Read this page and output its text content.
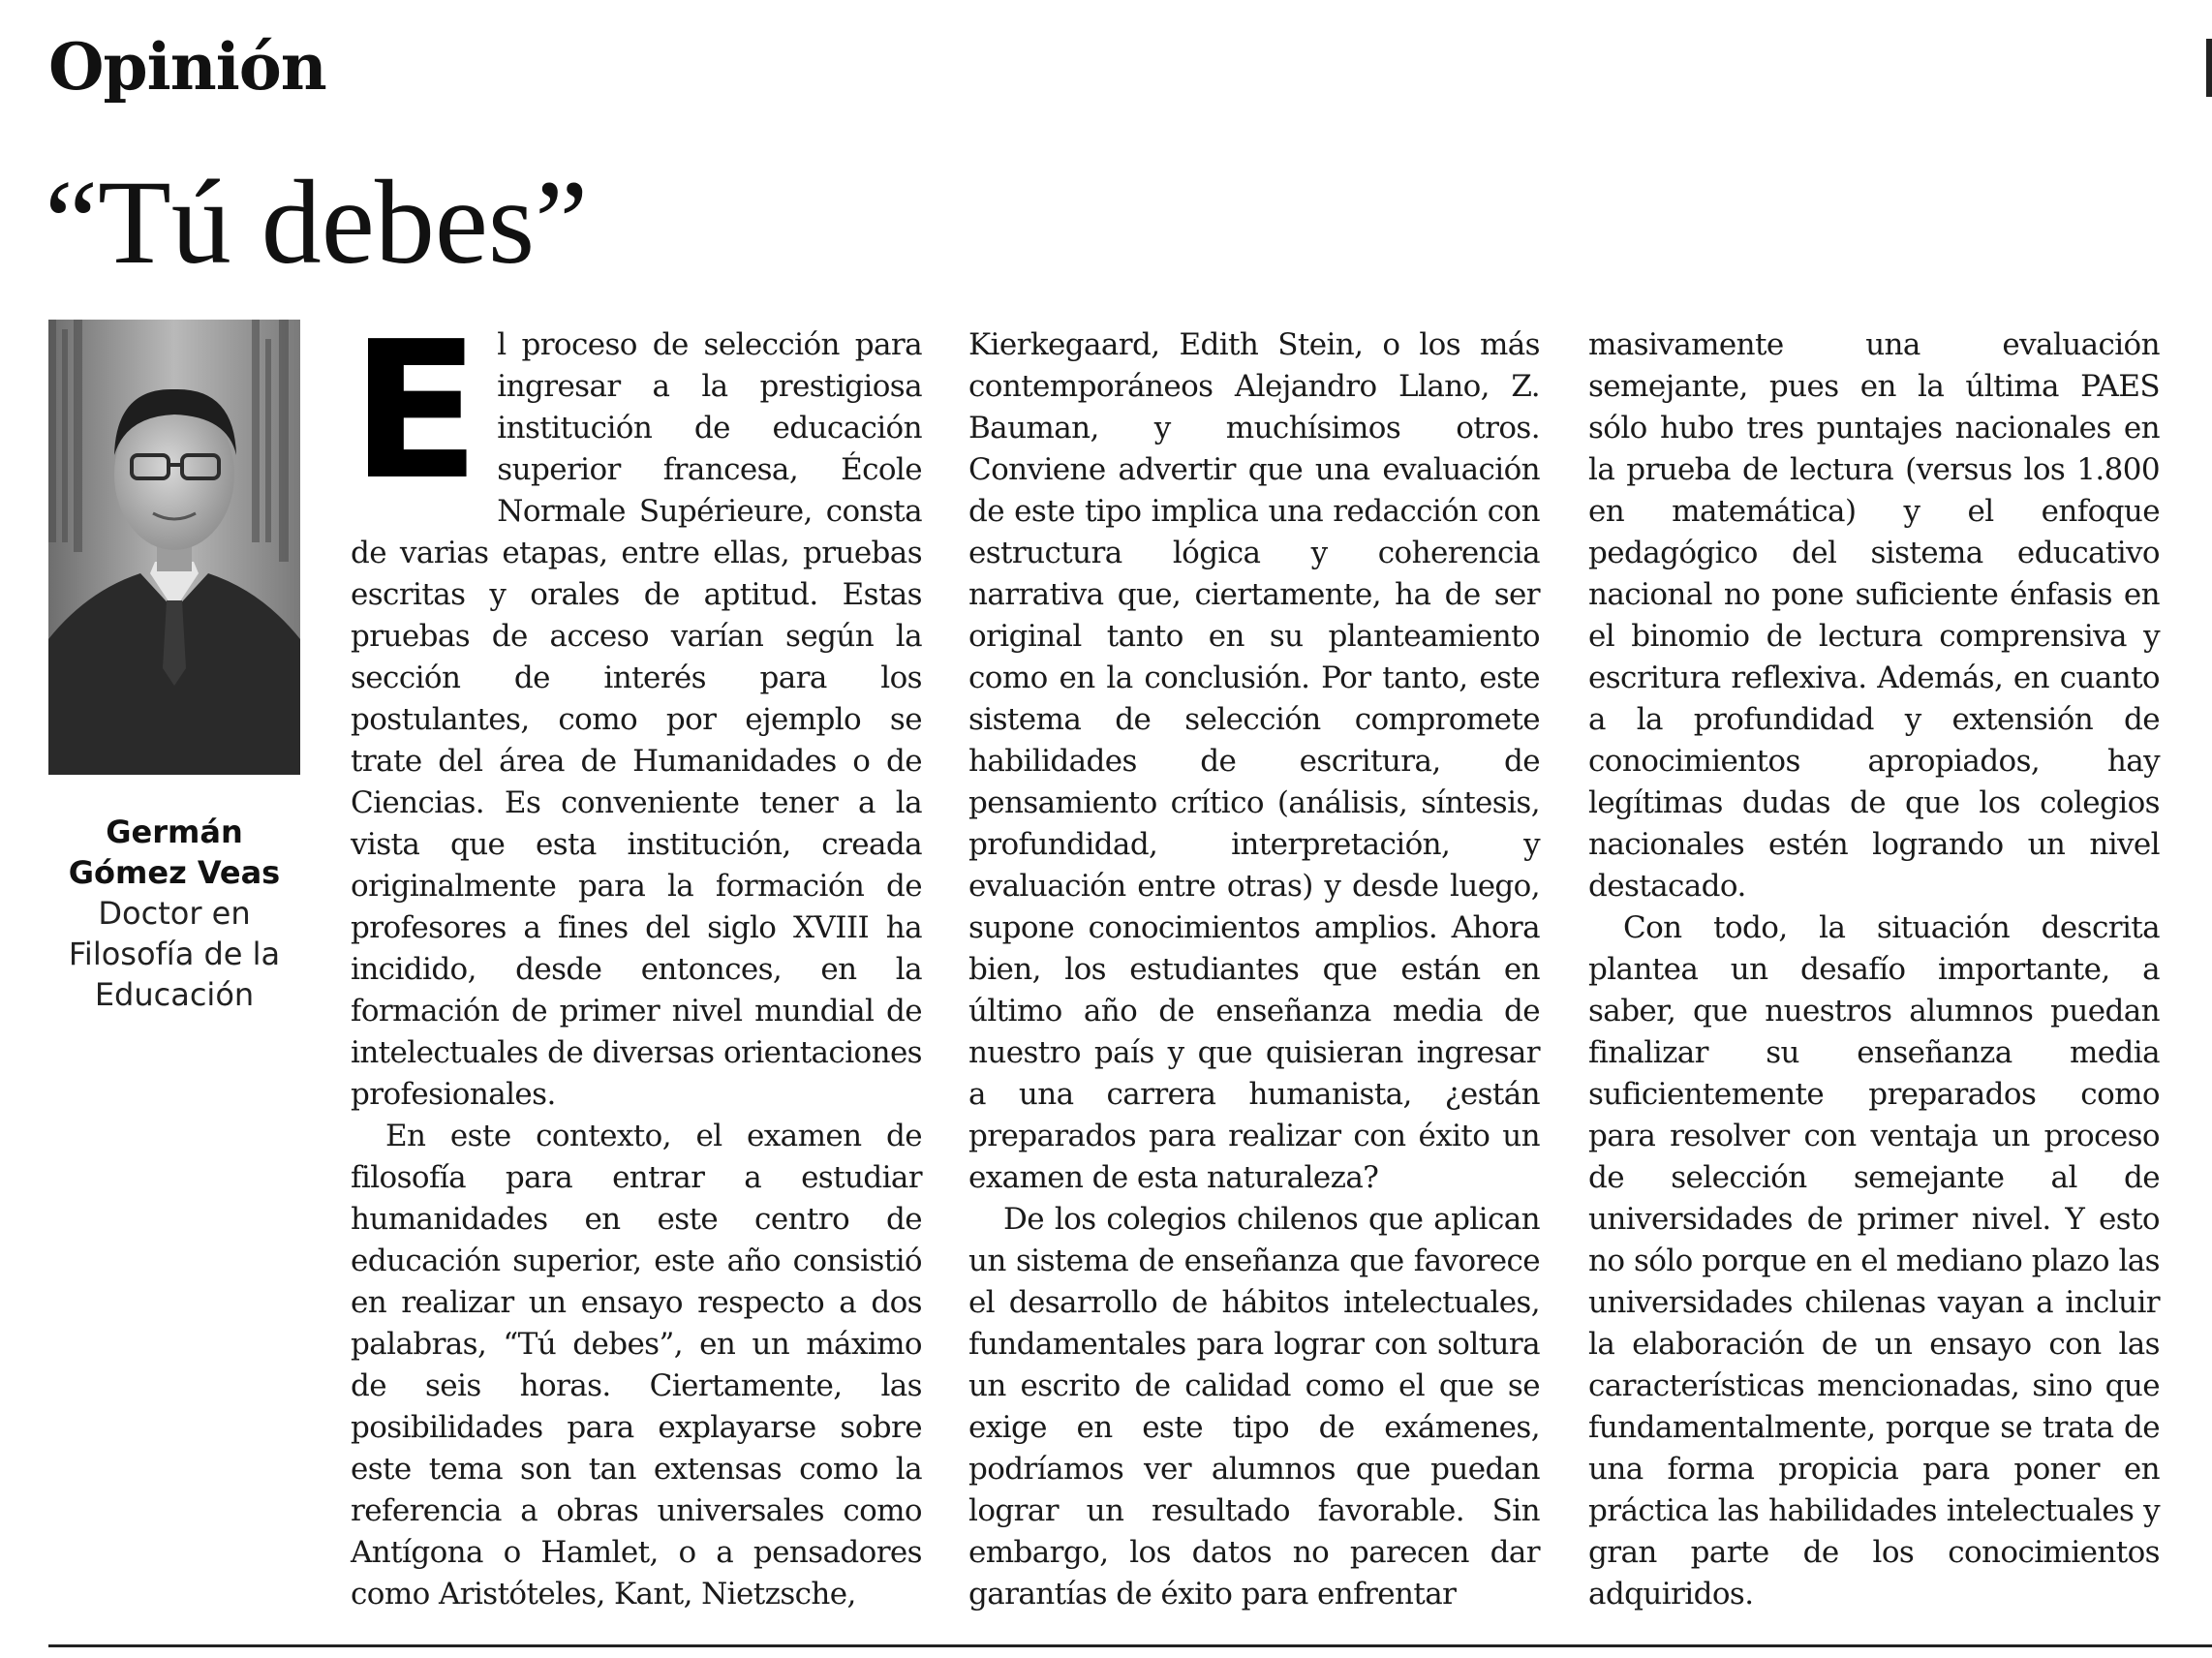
Opinión
“Tú debes”
Germán
Gómez Veas
Doctor en
Filosofía de la
Educación

El proceso de selección para ingresar a la prestigiosa institución de educación superior francesa, École Normale Supérieure, consta de varias etapas, entre ellas, pruebas escritas y orales de aptitud. Estas pruebas de acceso varían según la sección de interés para los postulantes, como por ejemplo se trate del área de Humanidades o de Ciencias. Es conveniente tener a la vista que esta institución, creada originalmente para la formación de profesores a fines del siglo XVIII ha incidido, desde entonces, en la formación de primer nivel mundial de intelectuales de diversas orientaciones profesionales.

En este contexto, el examen de filosofía para entrar a estudiar humanidades en este centro de educación superior, este año consistió en realizar un ensayo respecto a dos palabras, “Tú debes”, en un máximo de seis horas. Ciertamente, las posibilidades para explayarse sobre este tema son tan extensas como la referencia a obras universales como Antígona o Hamlet, o a pensadores como Aristóteles, Kant, Nietzsche,

Kierkegaard, Edith Stein, o los más contemporáneos Alejandro Llano, Z. Bauman, y muchísimos otros. Conviene advertir que una evaluación de este tipo implica una redacción con estructura lógica y coherencia narrativa que, ciertamente, ha de ser original tanto en su planteamiento como en la conclusión. Por tanto, este sistema de selección compromete habilidades de escritura, de pensamiento crítico (análisis, síntesis, profundidad, interpretación, y evaluación entre otras) y desde luego, supone conocimientos amplios. Ahora bien, los estudiantes que están en último año de enseñanza media de nuestro país y que quisieran ingresar a una carrera humanista, ¿están preparados para realizar con éxito un examen de esta naturaleza?

De los colegios chilenos que aplican un sistema de enseñanza que favorece el desarrollo de hábitos intelectuales, fundamentales para lograr con soltura un escrito de calidad como el que se exige en este tipo de exámenes, podríamos ver alumnos que puedan lograr un resultado favorable. Sin embargo, los datos no parecen dar garantías de éxito para enfrentar

masivamente una evaluación semejante, pues en la última PAES sólo hubo tres puntajes nacionales en la prueba de lectura (versus los 1.800 en matemática) y el enfoque pedagógico del sistema educativo nacional no pone suficiente énfasis en el binomio de lectura comprensiva y escritura reflexiva. Además, en cuanto a la profundidad y extensión de conocimientos apropiados, hay legítimas dudas de que los colegios nacionales estén logrando un nivel destacado.

Con todo, la situación descrita plantea un desafío importante, a saber, que nuestros alumnos puedan finalizar su enseñanza media suficientemente preparados como para resolver con ventaja un proceso de selección semejante al de universidades de primer nivel. Y esto no sólo porque en el mediano plazo las universidades chilenas vayan a incluir la elaboración de un ensayo con las características mencionadas, sino que fundamentalmente, porque se trata de una forma propicia para poner en práctica las habilidades intelectuales y gran parte de los conocimientos adquiridos.
